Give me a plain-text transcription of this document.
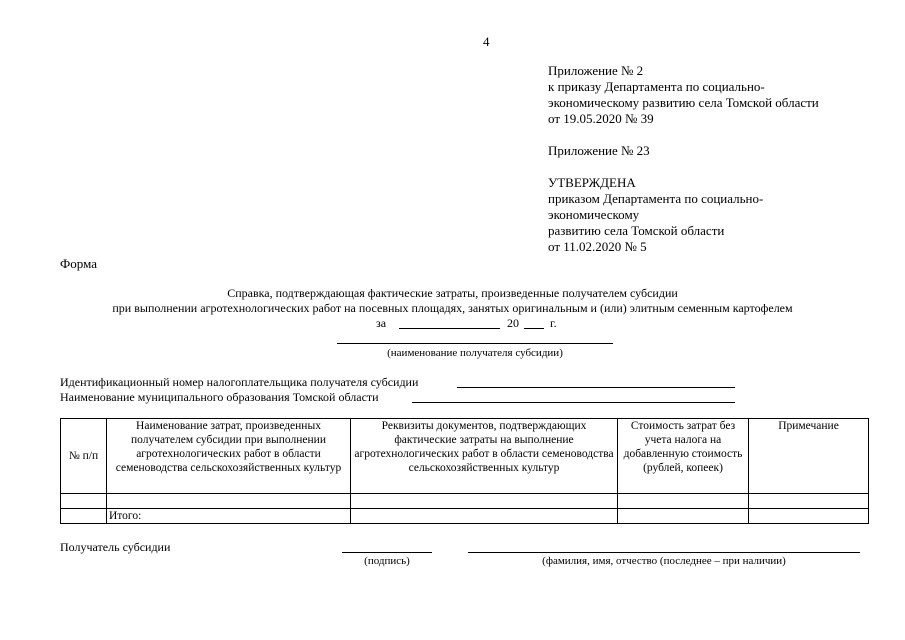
4
Приложение № 2
к приказу Департамента по социально-
экономическому развитию села Томской области
от 19.05.2020 № 39
Приложение № 23
УТВЕРЖДЕНА
приказом Департамента по социально-
экономическому
развитию села Томской области
от 11.02.2020 № 5
Форма
Справка, подтверждающая фактические затраты, произведенные получателем субсидии
при выполнении агротехнологических работ на посевных площадях, занятых оригинальным и (или) элитным семенным картофелем
за	20	г.
(наименование получателя субсидии)
Идентификационный номер налогоплательщика получателя субсидии
Наименование муниципального образования Томской области
№ п/п	Наименование затрат, произведенных получателем субсидии при выполнении агротехнологических работ в области семеноводства сельскохозяйственных культур	Реквизиты документов, подтверждающих фактические затраты на выполнение агротехнологических работ в области семеноводства сельскохозяйственных культур	Стоимость затрат без учета налога на добавленную стоимость (рублей, копеек)	Примечание

	Итого:			
Получатель субсидии
(подпись)	(фамилия, имя, отчество (последнее – при наличии)
